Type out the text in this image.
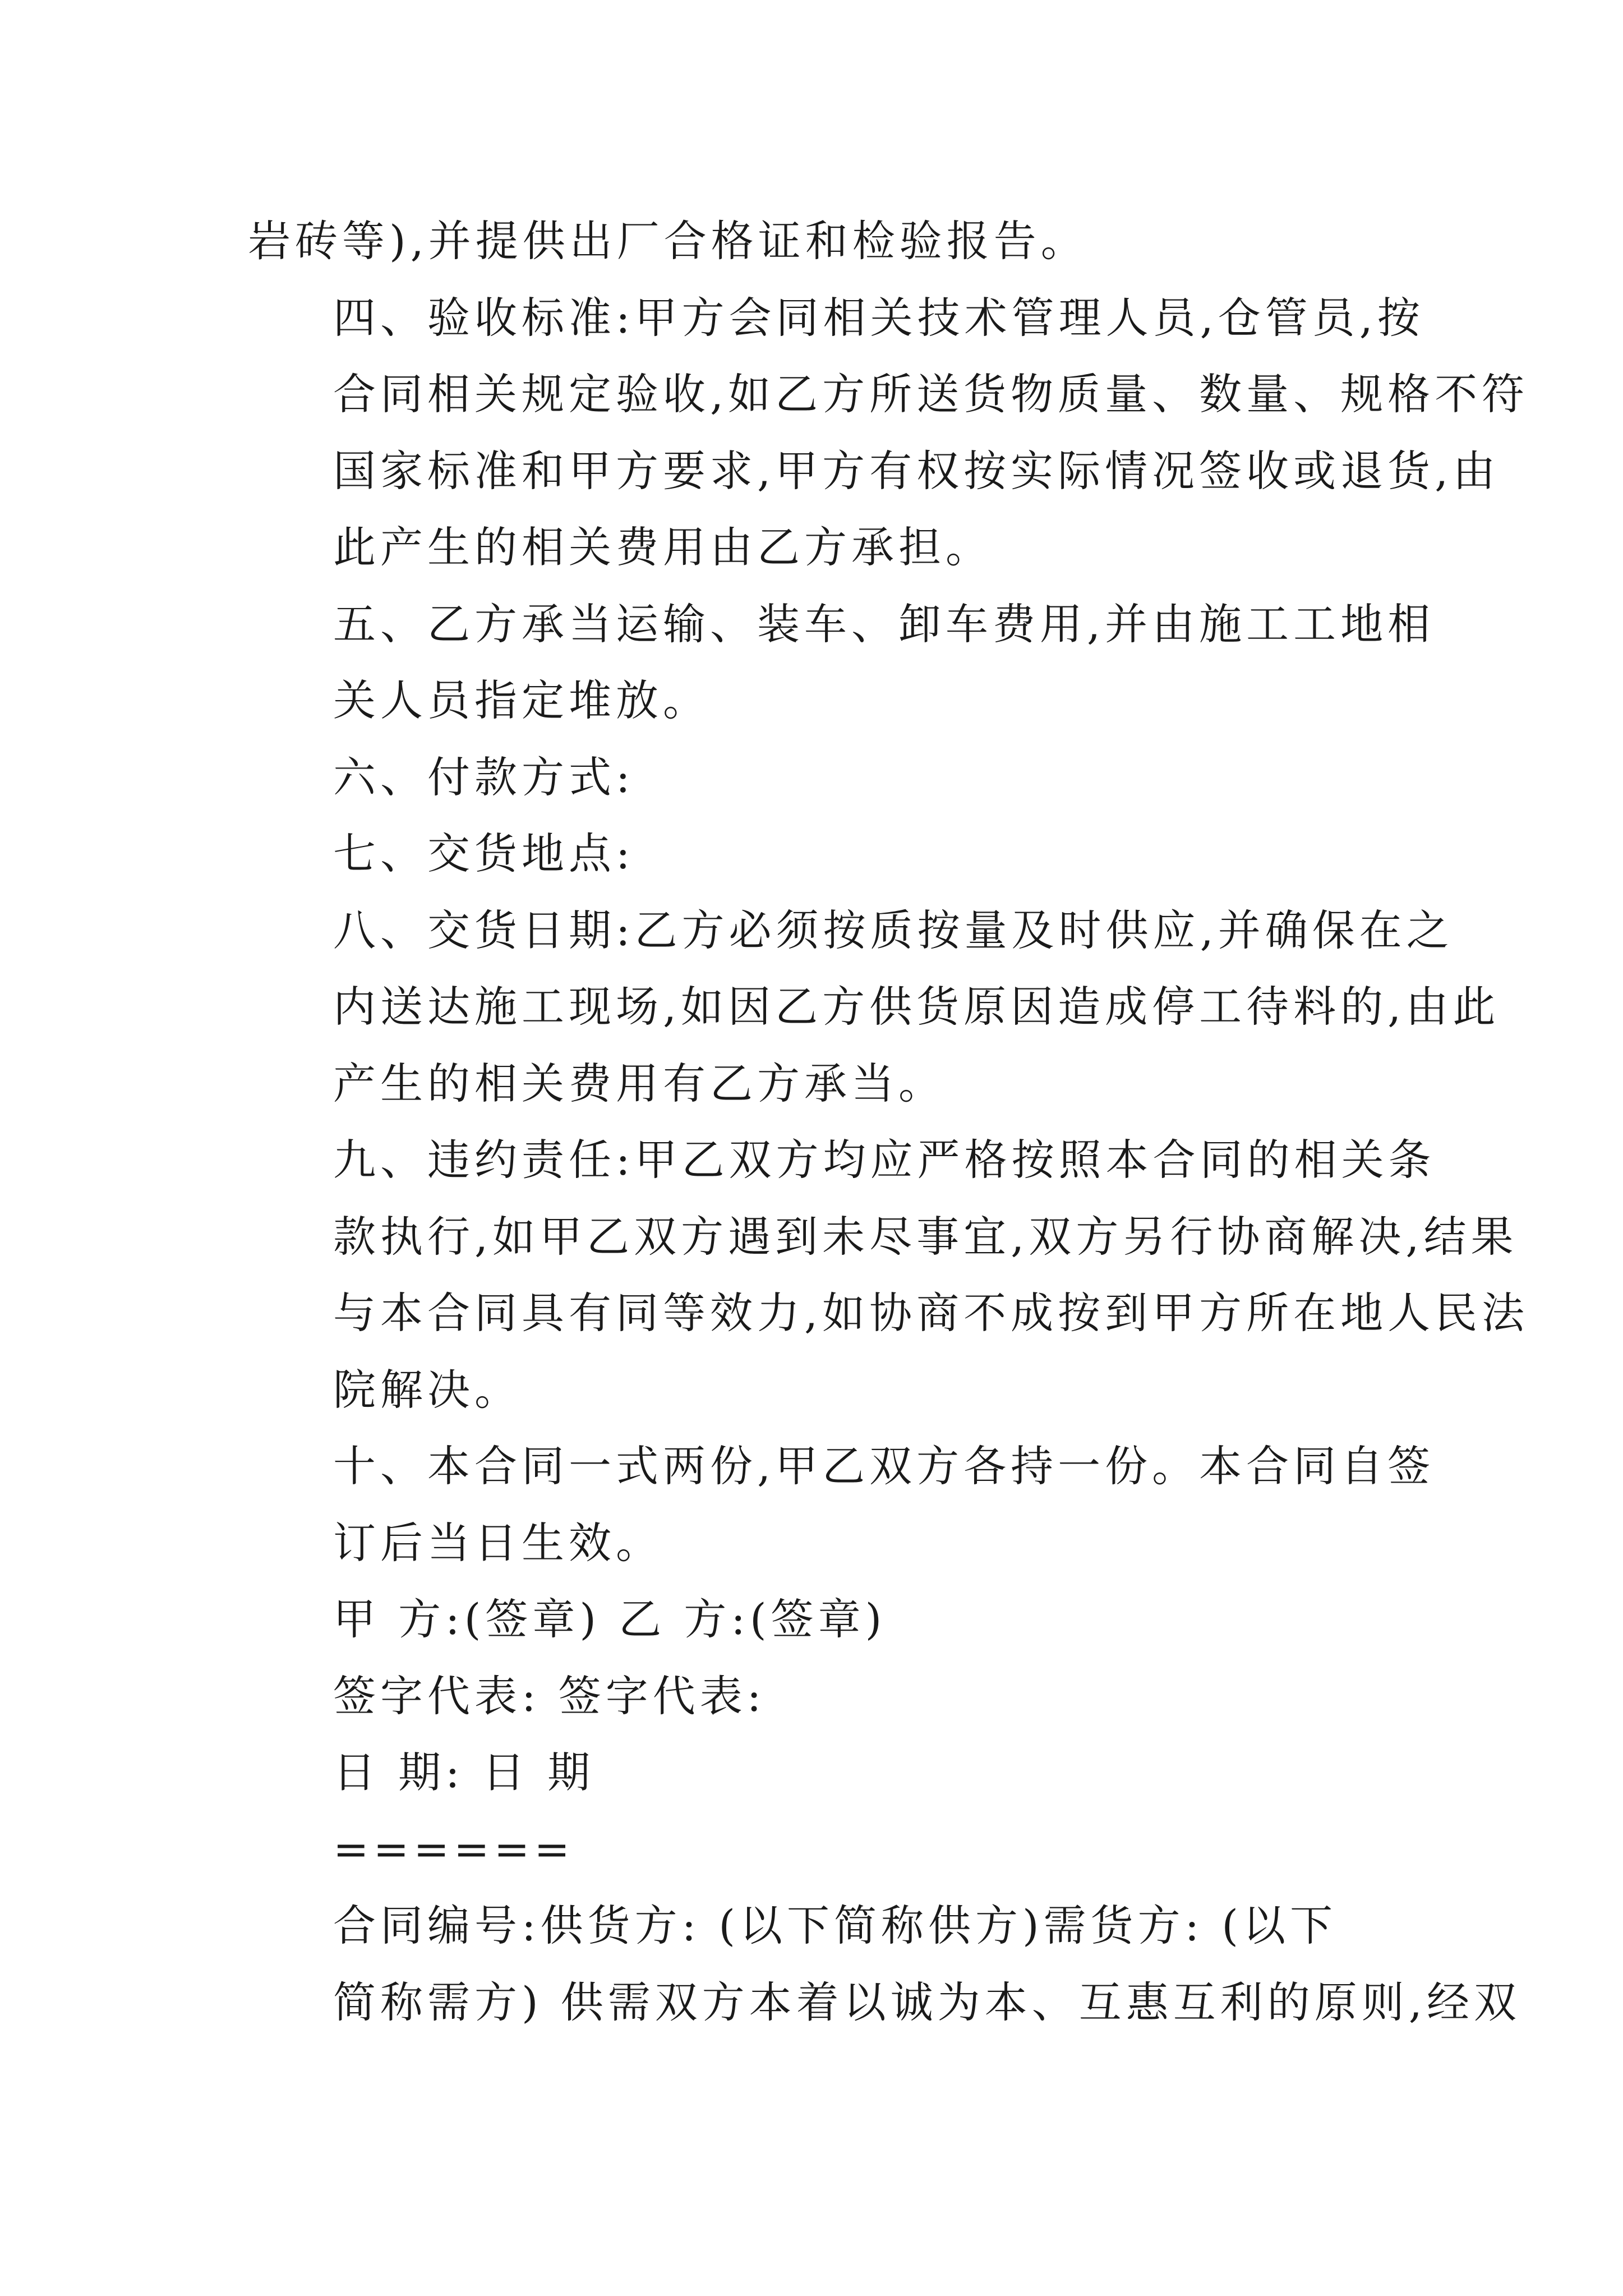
岩砖等),并提供出厂合格证和检验报告。

四、验收标准:甲方会同相关技术管理人员,仓管员,按
合同相关规定验收,如乙方所送货物质量、数量、规格不符
国家标准和甲方要求,甲方有权按实际情况签收或退货,由
此产生的相关费用由乙方承担。

五、乙方承当运输、装车、卸车费用,并由施工工地相
关人员指定堆放。

六、付款方式:

七、交货地点:

八、交货日期:乙方必须按质按量及时供应,并确保在之
内送达施工现场,如因乙方供货原因造成停工待料的,由此
产生的相关费用有乙方承当。

九、违约责任:甲乙双方均应严格按照本合同的相关条
款执行,如甲乙双方遇到未尽事宜,双方另行协商解决,结果
与本合同具有同等效力,如协商不成按到甲方所在地人民法
院解决。

十、本合同一式两份,甲乙双方各持一份。本合同自签
订后当日生效。

甲 方:(签章) 乙 方:(签章)

签字代表: 签字代表:

日 期: 日 期

======

合同编号:供货方: (以下简称供方)需货方: (以下
简称需方) 供需双方本着以诚为本、互惠互利的原则,经双
